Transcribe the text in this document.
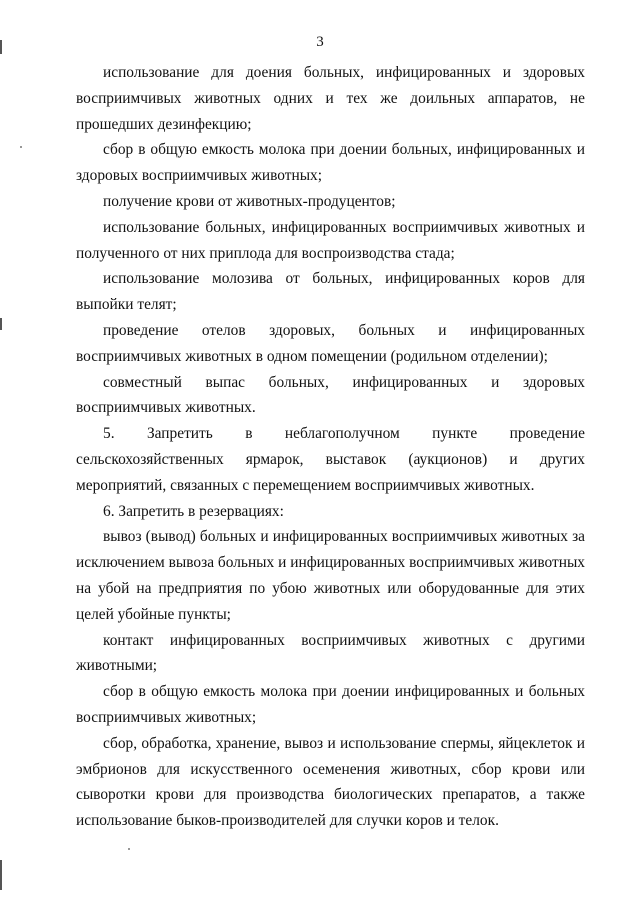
3

использование для доения больных, инфицированных и здоровых восприимчивых животных одних и тех же доильных аппаратов, не прошедших дезинфекцию;

сбор в общую емкость молока при доении больных, инфицированных и здоровых восприимчивых животных;

получение крови от животных-продуцентов;

использование больных, инфицированных восприимчивых животных и полученного от них приплода для воспроизводства стада;

использование молозива от больных, инфицированных коров для выпойки телят;

проведение отелов здоровых, больных и инфицированных восприимчивых животных в одном помещении (родильном отделении);

совместный выпас больных, инфицированных и здоровых восприимчивых животных.

5. Запретить в неблагополучном пункте проведение сельскохозяйственных ярмарок, выставок (аукционов) и других мероприятий, связанных с перемещением восприимчивых животных.

6. Запретить в резервациях:

вывоз (вывод) больных и инфицированных восприимчивых животных за исключением вывоза больных и инфицированных восприимчивых животных на убой на предприятия по убою животных или оборудованные для этих целей убойные пункты;

контакт инфицированных восприимчивых животных с другими животными;

сбор в общую емкость молока при доении инфицированных и больных восприимчивых животных;

сбор, обработка, хранение, вывоз и использование спермы, яйцеклеток и эмбрионов для искусственного осеменения животных, сбор крови или сыворотки крови для производства биологических препаратов, а также использование быков-производителей для случки коров и телок.
